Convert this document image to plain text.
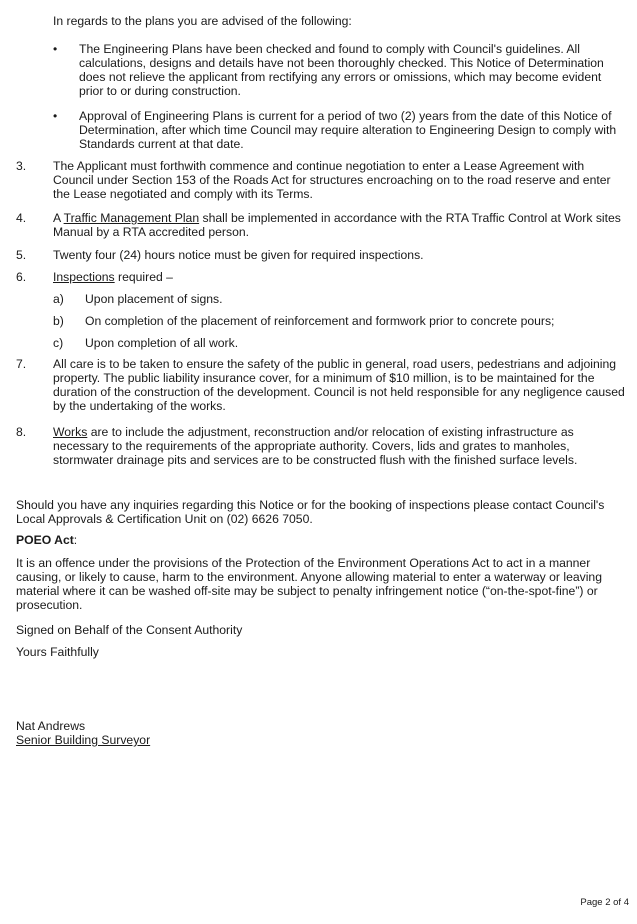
In regards to the plans you are advised of the following:

• The Engineering Plans have been checked and found to comply with Council's guidelines. All calculations, designs and details have not been thoroughly checked. This Notice of Determination does not relieve the applicant from rectifying any errors or omissions, which may become evident prior to or during construction.

• Approval of Engineering Plans is current for a period of two (2) years from the date of this Notice of Determination, after which time Council may require alteration to Engineering Design to comply with Standards current at that date.

3. The Applicant must forthwith commence and continue negotiation to enter a Lease Agreement with Council under Section 153 of the Roads Act for structures encroaching on to the road reserve and enter the Lease negotiated and comply with its Terms.

4. A Traffic Management Plan shall be implemented in accordance with the RTA Traffic Control at Work sites Manual by a RTA accredited person.

5. Twenty four (24) hours notice must be given for required inspections.

6. Inspections required –

a) Upon placement of signs.

b) On completion of the placement of reinforcement and formwork prior to concrete pours;

c) Upon completion of all work.

7. All care is to be taken to ensure the safety of the public in general, road users, pedestrians and adjoining property. The public liability insurance cover, for a minimum of $10 million, is to be maintained for the duration of the construction of the development. Council is not held responsible for any negligence caused by the undertaking of the works.

8. Works are to include the adjustment, reconstruction and/or relocation of existing infrastructure as necessary to the requirements of the appropriate authority. Covers, lids and grates to manholes, stormwater drainage pits and services are to be constructed flush with the finished surface levels.

Should you have any inquiries regarding this Notice or for the booking of inspections please contact Council's Local Approvals & Certification Unit on (02) 6626 7050.

POEO Act:

It is an offence under the provisions of the Protection of the Environment Operations Act to act in a manner causing, or likely to cause, harm to the environment. Anyone allowing material to enter a waterway or leaving material where it can be washed off-site may be subject to penalty infringement notice (“on-the-spot-fine”) or prosecution.

Signed on Behalf of the Consent Authority

Yours Faithfully

Nat Andrews

Senior Building Surveyor

Page 2 of 4
